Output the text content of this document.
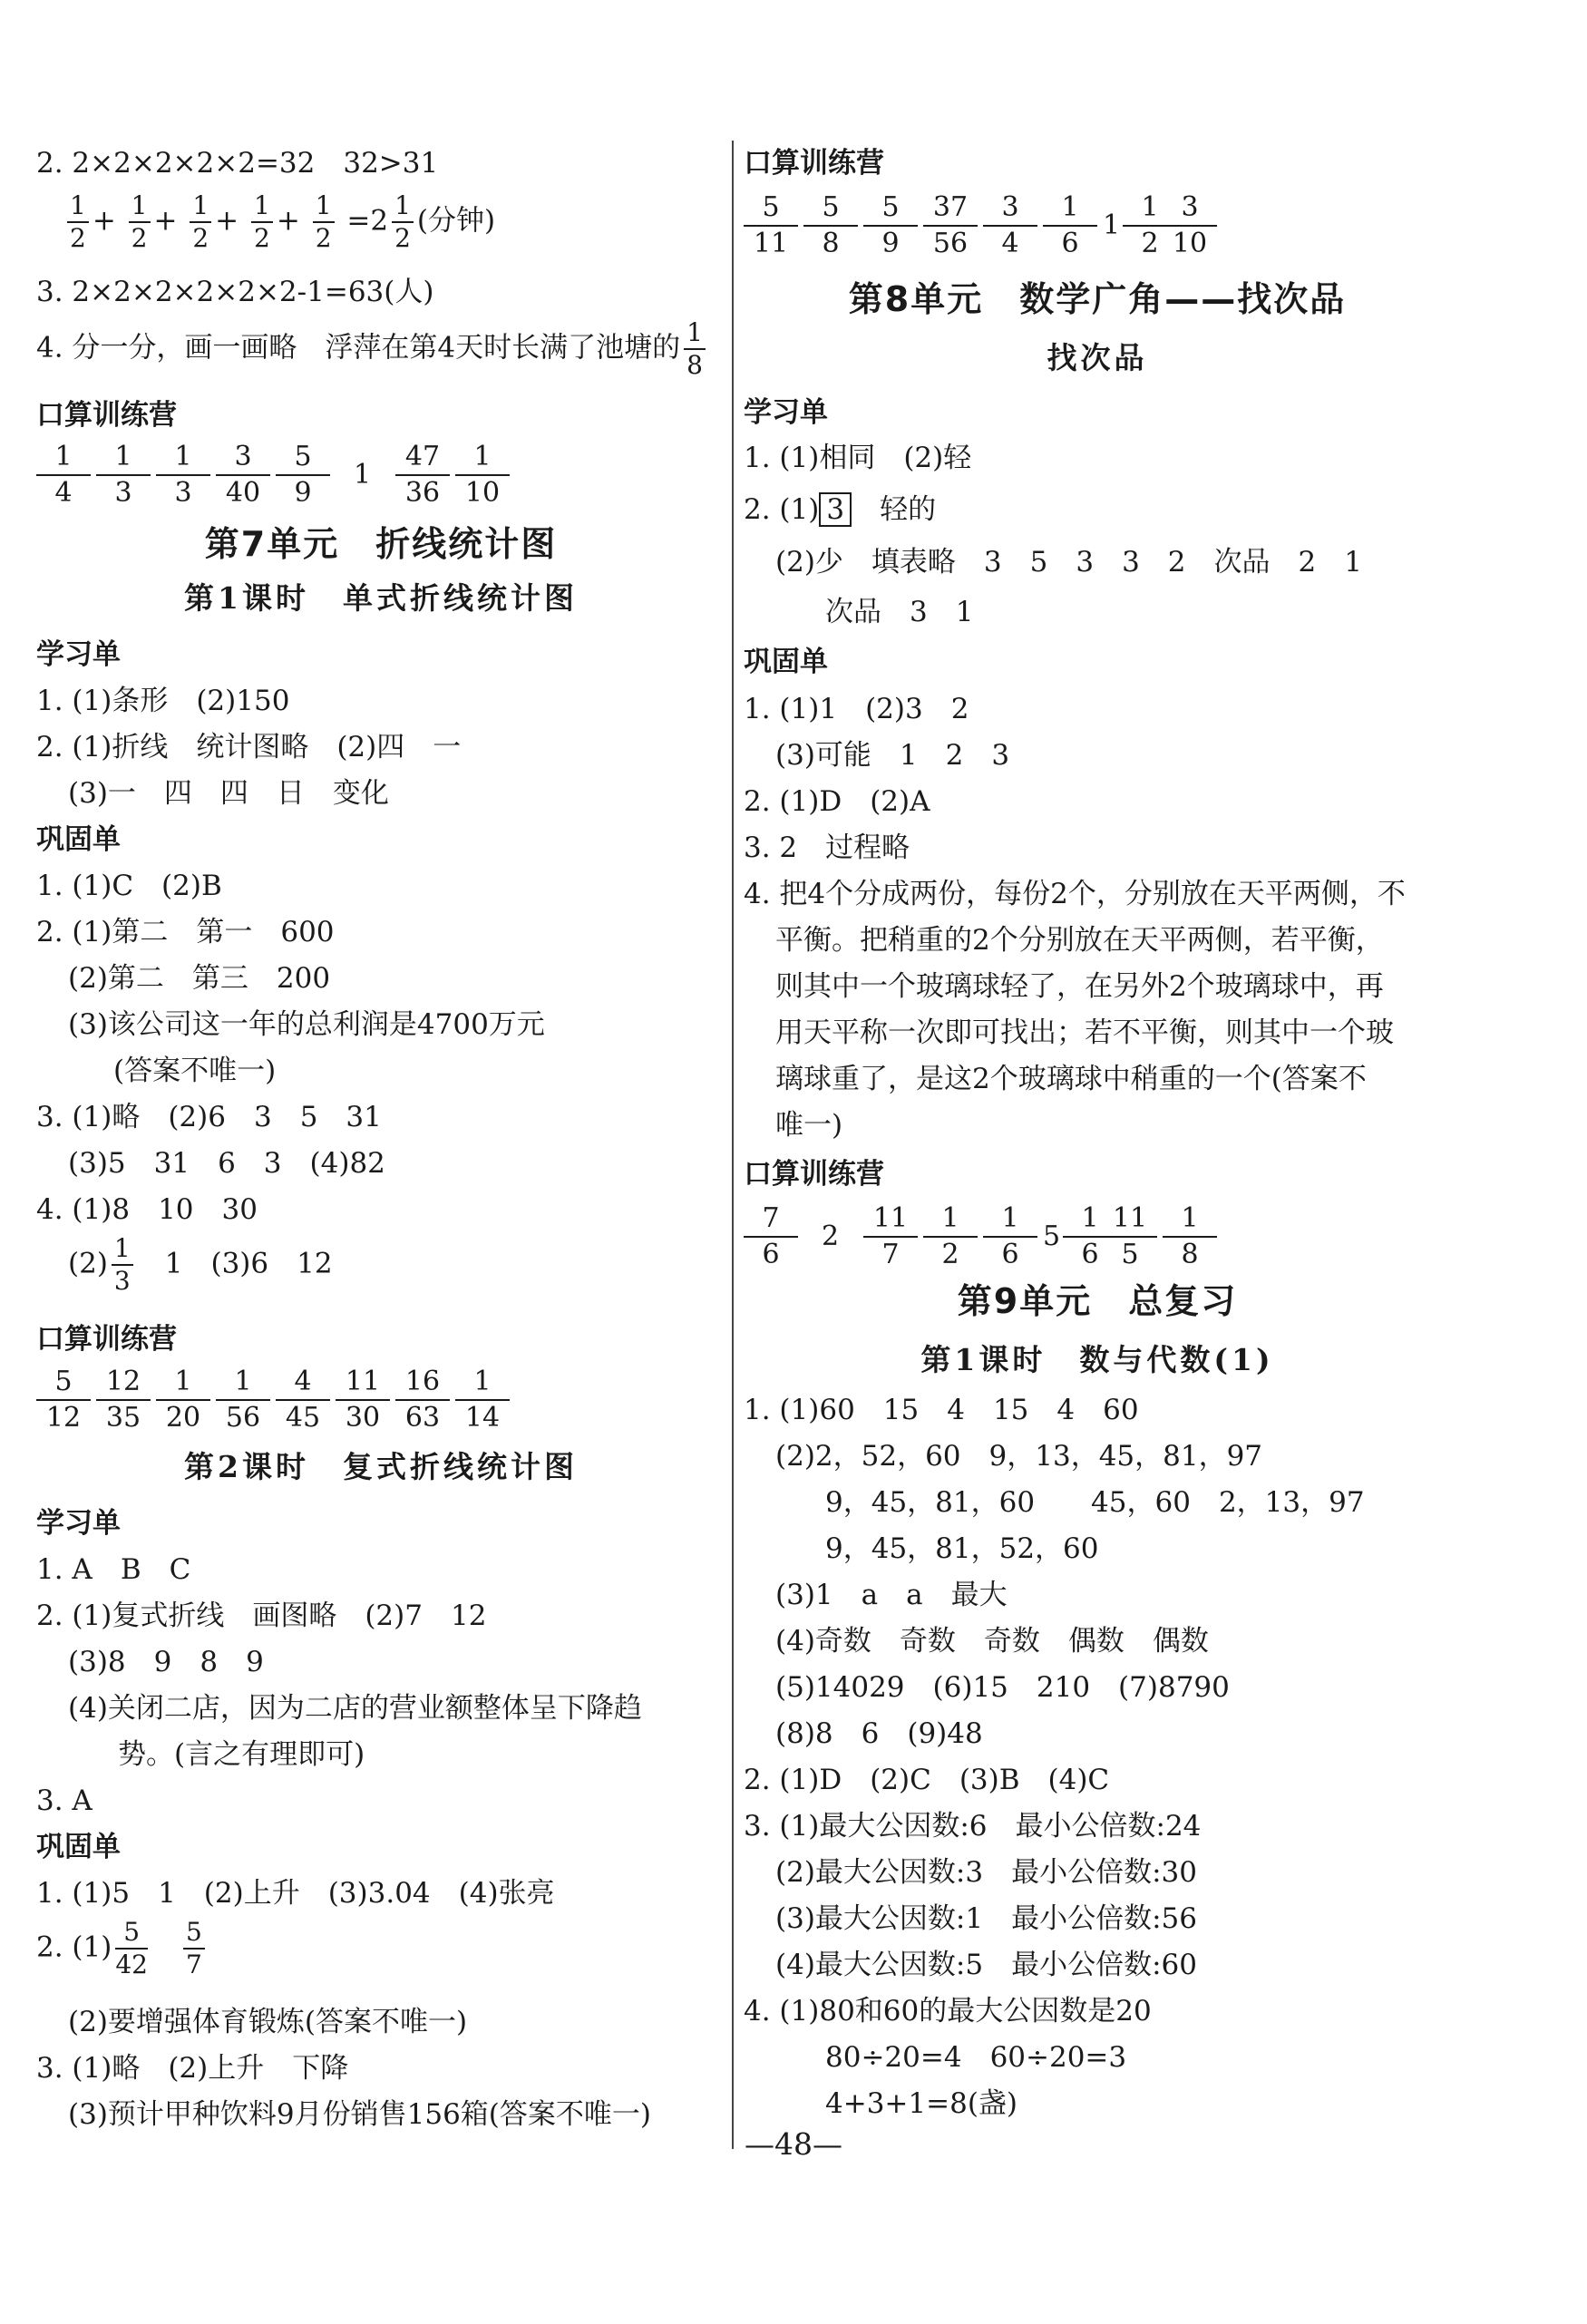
2. 2×2×2×2×2=32　32>31
$\frac{1}{2} + \frac{1}{2} + \frac{1}{2} + \frac{1}{2} + \frac{1}{2} =2 \frac{1}{2}$ (分钟)
3. 2×2×2×2×2×2-1=63(人)
4. 分一分，画一画略　浮萍在第4天时长满了池塘的 $\frac{1}{8}$
口算训练营
1
4
1
3
1
3
3
40
5
9
1
47
36
1
10
第7单元　折线统计图
第1课时　单式折线统计图
学习单
1. (1)条形　(2)150
2. (1)折线　统计图略　(2)四　一
(3)一　四　四　日　变化
巩固单
1. (1)C　(2)B
2. (1)第二　第一　600
(2)第二　第三　200
(3)该公司这一年的总利润是4700万元
(答案不唯一)
3. (1)略　(2)6　3　5　31
(3)5　31　6　3　(4)82
4. (1)8　10　30
$(2) \frac{1}{3}$ 　1　(3)6　12
口算训练营
5
12
12
35
1
20
1
56
4
45
11
30
16
63
1
14
第2课时　复式折线统计图
学习单
1. A　B　C
2. (1)复式折线　画图略　(2)7　12
(3)8　9　8　9
(4)关闭二店，因为二店的营业额整体呈下降趋
势。(言之有理即可)
3. A
巩固单
1. (1)5　1　(2)上升　(3)3.04　(4)张亮
2. $(1) \frac{5}{42}$
　 $\frac{5}{7}$
(2)要增强体育锻炼(答案不唯一)
3. (1)略　(2)上升　下降
(3)预计甲种饮料9月份销售156箱(答案不唯一)
口算训练营
5
11
5
8
5
9
37
56
3
4
1
6
1
1
2
3
10
第8单元　数学广角——找次品
找次品
学习单
1. (1)相同　(2)轻
2. (1) 3　轻的
(2)少　填表略　3　5　3　3　2　次品　2　1
次品　3　1
巩固单
1. (1)1　(2)3　2
(3)可能　1　2　3
2. (1)D　(2)A
3. 2　过程略
4. 把4个分成两份，每份2个，分别放在天平两侧，不
平衡。把稍重的2个分别放在天平两侧，若平衡，
则其中一个玻璃球轻了，在另外2个玻璃球中，再
用天平称一次即可找出；若不平衡，则其中一个玻
璃球重了，是这2个玻璃球中稍重的一个(答案不
唯一)
口算训练营
7
6
2
11
7
1
2
1
6
5
1
6
11
5
1
8
第9单元　总复习
第1课时　数与代数(1)
1. (1)60　15　4　15　4　60
(2)2，52，60　9，13，45，81，97
9，45，81，60　　45，60　2，13，97
9，45，81，52，60
(3)1　a　a　最大
(4)奇数　奇数　奇数　偶数　偶数
(5)14029　(6)15　210　(7)8790
(8)8　6　(9)48
2. (1)D　(2)C　(3)B　(4)C
3. (1)最大公因数:6　最小公倍数:24
(2)最大公因数:3　最小公倍数:30
(3)最大公因数:1　最小公倍数:56
(4)最大公因数:5　最小公倍数:60
4. (1)80和60的最大公因数是20
80÷20=4　60÷20=3
4+3+1=8(盏)
—48—
